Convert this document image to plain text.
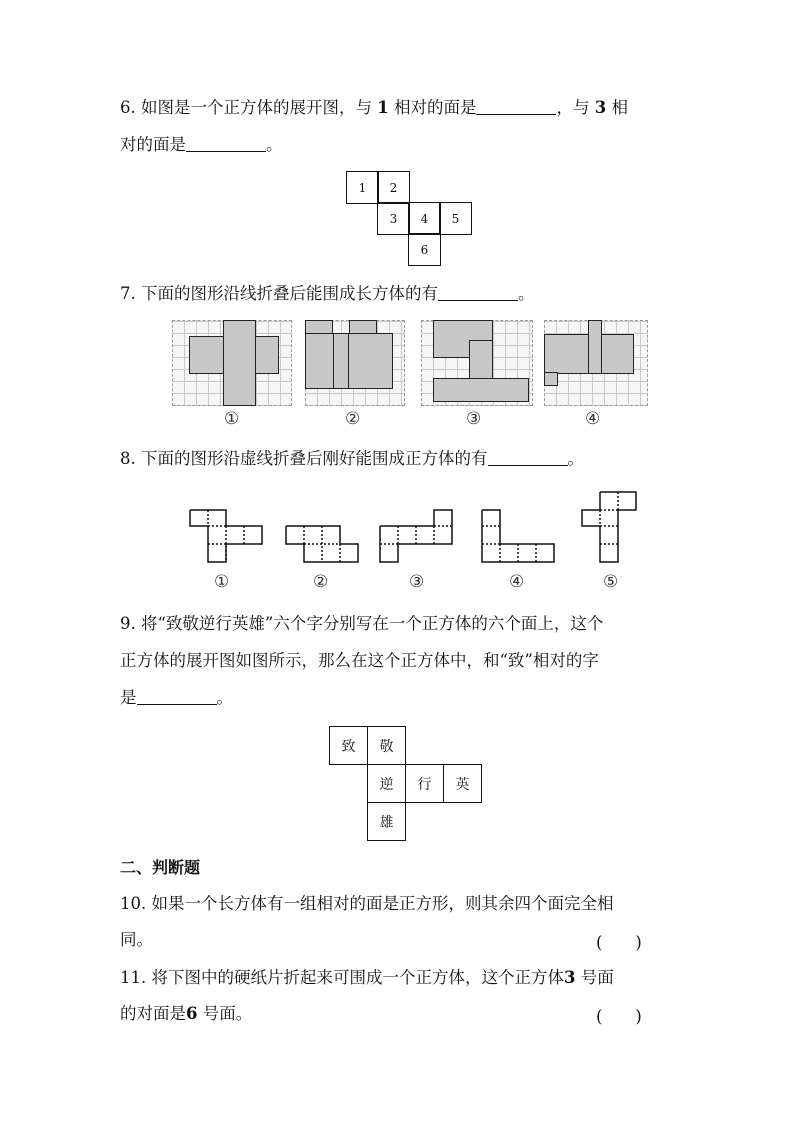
6. 如图是一个正方体的展开图，与 1 相对的面是	，与 3 相
对的面是	。
1	2
3	4	5
6
7. 下面的图形沿线折叠后能围成长方体的有	。
①	②	③	④
8. 下面的图形沿虚线折叠后刚好能围成正方体的有	。
①	②	③	④	⑤
9. 将“致敬逆行英雄”六个字分别写在一个正方体的六个面上，这个
正方体的展开图如图所示，那么在这个正方体中，和“致”相对的字
是	。
致	敬
逆	行	英
雄
二、判断题
10. 如果一个长方体有一组相对的面是正方形，则其余四个面完全相
同。	(　　)
11. 将下图中的硬纸片折起来可围成一个正方体，这个正方体3 号面
的对面是6 号面。	(　　)
